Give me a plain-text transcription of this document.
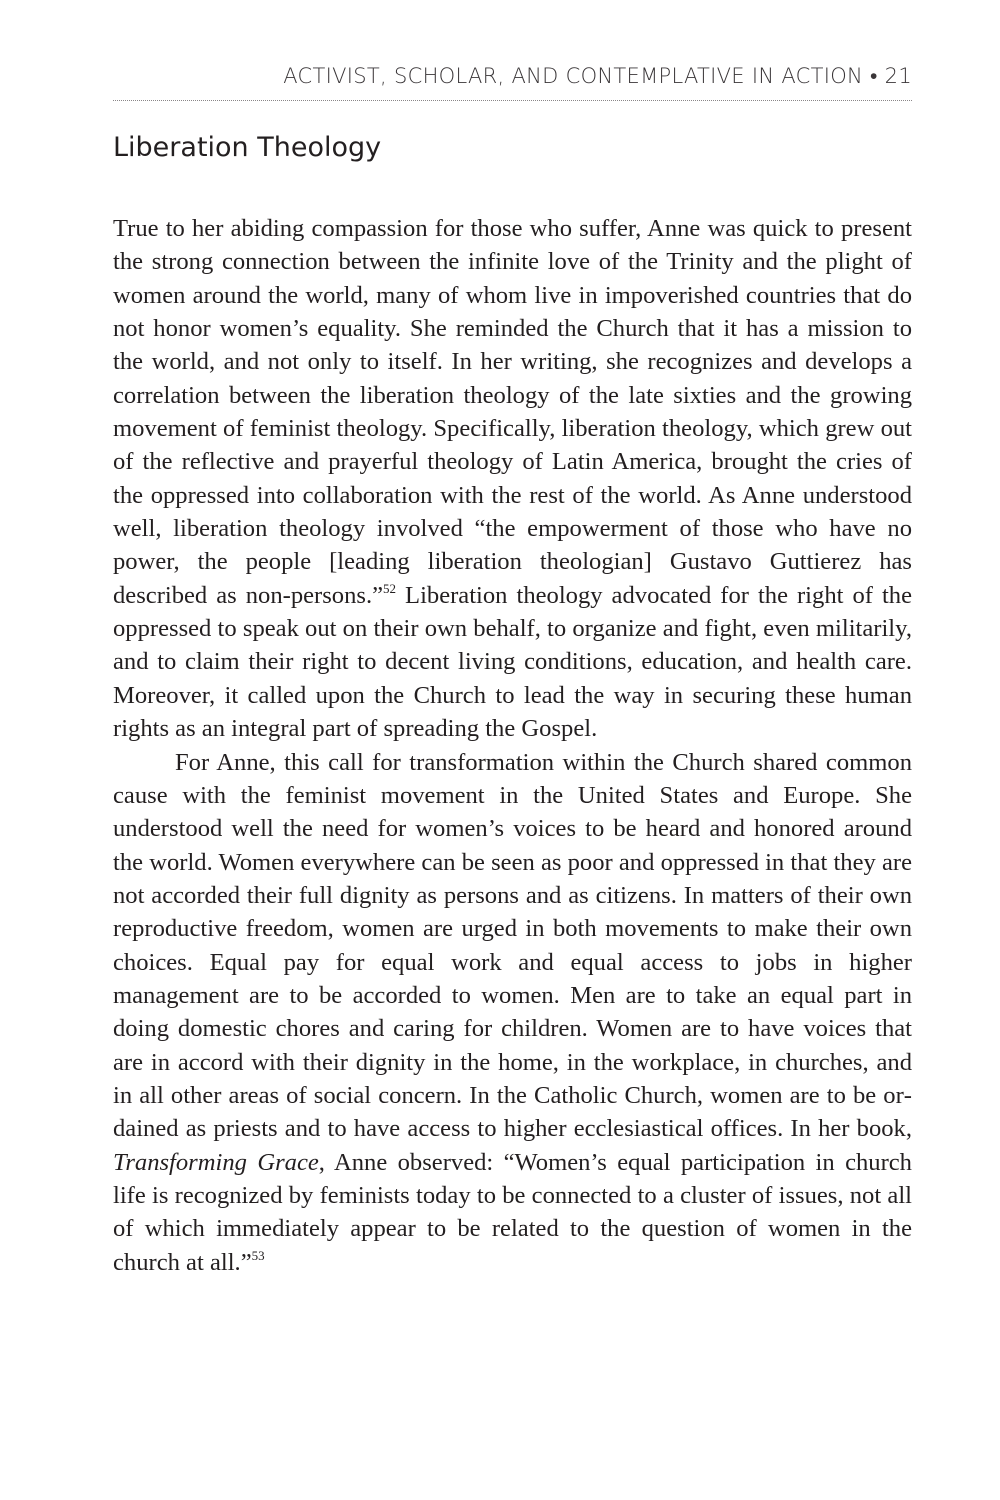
ACTIVIST, SCHOLAR, AND CONTEMPLATIVE IN ACTION • 21
Liberation Theology

True to her abiding compassion for those who suffer, Anne was quick to present the strong connection between the infinite love of the Trinity and the plight of women around the world, many of whom live in impoverished countries that do not honor women’s equality. She reminded the Church that it has a mission to the world, and not only to itself. In her writing, she recognizes and develops a correlation between the liberation theology of the late sixties and the growing movement of feminist theology. Specifically, liberation theology, which grew out of the reflective and prayerful theology of Latin America, brought the cries of the oppressed into collaboration with the rest of the world. As Anne understood well, liberation theology involved “the empowerment of those who have no power, the people [leading liberation theologian] Gustavo Guttierez has described as non-persons.”$^{52}$ Liberation theology advocated for the right of the oppressed to speak out on their own behalf, to organize and fight, even militarily, and to claim their right to decent living conditions, education, and health care. Moreover, it called upon the Church to lead the way in securing these human rights as an integral part of spreading the Gospel.

For Anne, this call for transformation within the Church shared common cause with the feminist movement in the United States and Europe. She understood well the need for women’s voices to be heard and honored around the world. Women everywhere can be seen as poor and oppressed in that they are not accorded their full dignity as persons and as citizens. In matters of their own reproductive freedom, women are urged in both movements to make their own choices. Equal pay for equal work and equal access to jobs in higher management are to be accorded to women. Men are to take an equal part in doing domestic chores and caring for children. Women are to have voices that are in accord with their dignity in the home, in the workplace, in churches, and in all other areas of social concern. In the Catholic Church, women are to be ordained as priests and to have access to higher ecclesiastical offices. In her book, Transforming Grace, Anne observed: “Women’s equal participation in church life is recognized by feminists today to be connected to a cluster of issues, not all of which immediately appear to be related to the question of women in the church at all.”$^{53}$
